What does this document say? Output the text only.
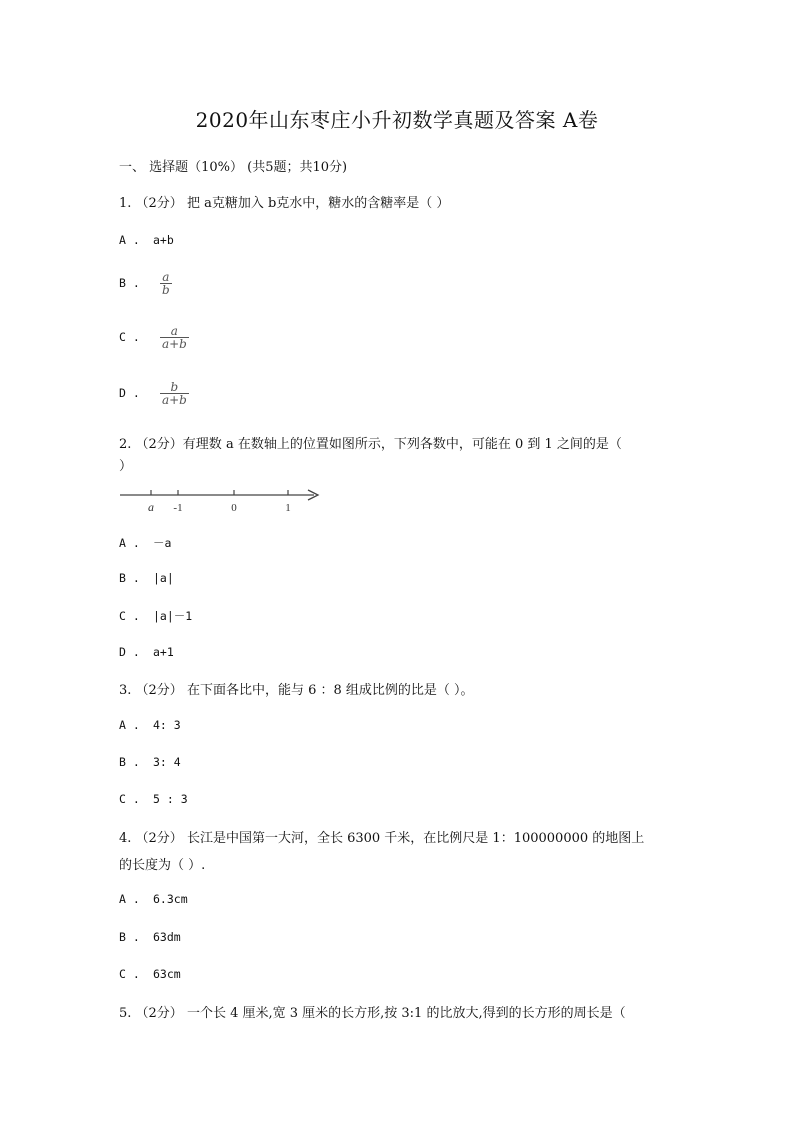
2020年山东枣庄小升初数学真题及答案 A卷
一、 选择题（10%） (共5题；共10分)
1. （2分） 把 a克糖加入 b克水中，糖水的含糖率是（ ）
A . a+b
B . $\frac{a}{b}$
C . $\frac{a}{a+b}$
D . $\frac{b}{a+b}$
2. （2分）有理数 a 在数轴上的位置如图所示，下列各数中，可能在 0 到 1 之间的是（
）
a -1	0	1
A . －a
B . |a|
C . |a|－1
D . a+1
3. （2分） 在下面各比中，能与 6 ：8 组成比例的比是（ ）。
A . 4: 3
B . 3: 4
C . 5 : 3
4. （2分） 长江是中国第一大河，全长 6300 千米，在比例尺是 1：100000000 的地图上
的长度为（ ）.
A . 6.3cm
B . 63dm
C . 63cm
5. （2分） 一个长 4 厘米,宽 3 厘米的长方形,按 3:1 的比放大,得到的长方形的周长是（
